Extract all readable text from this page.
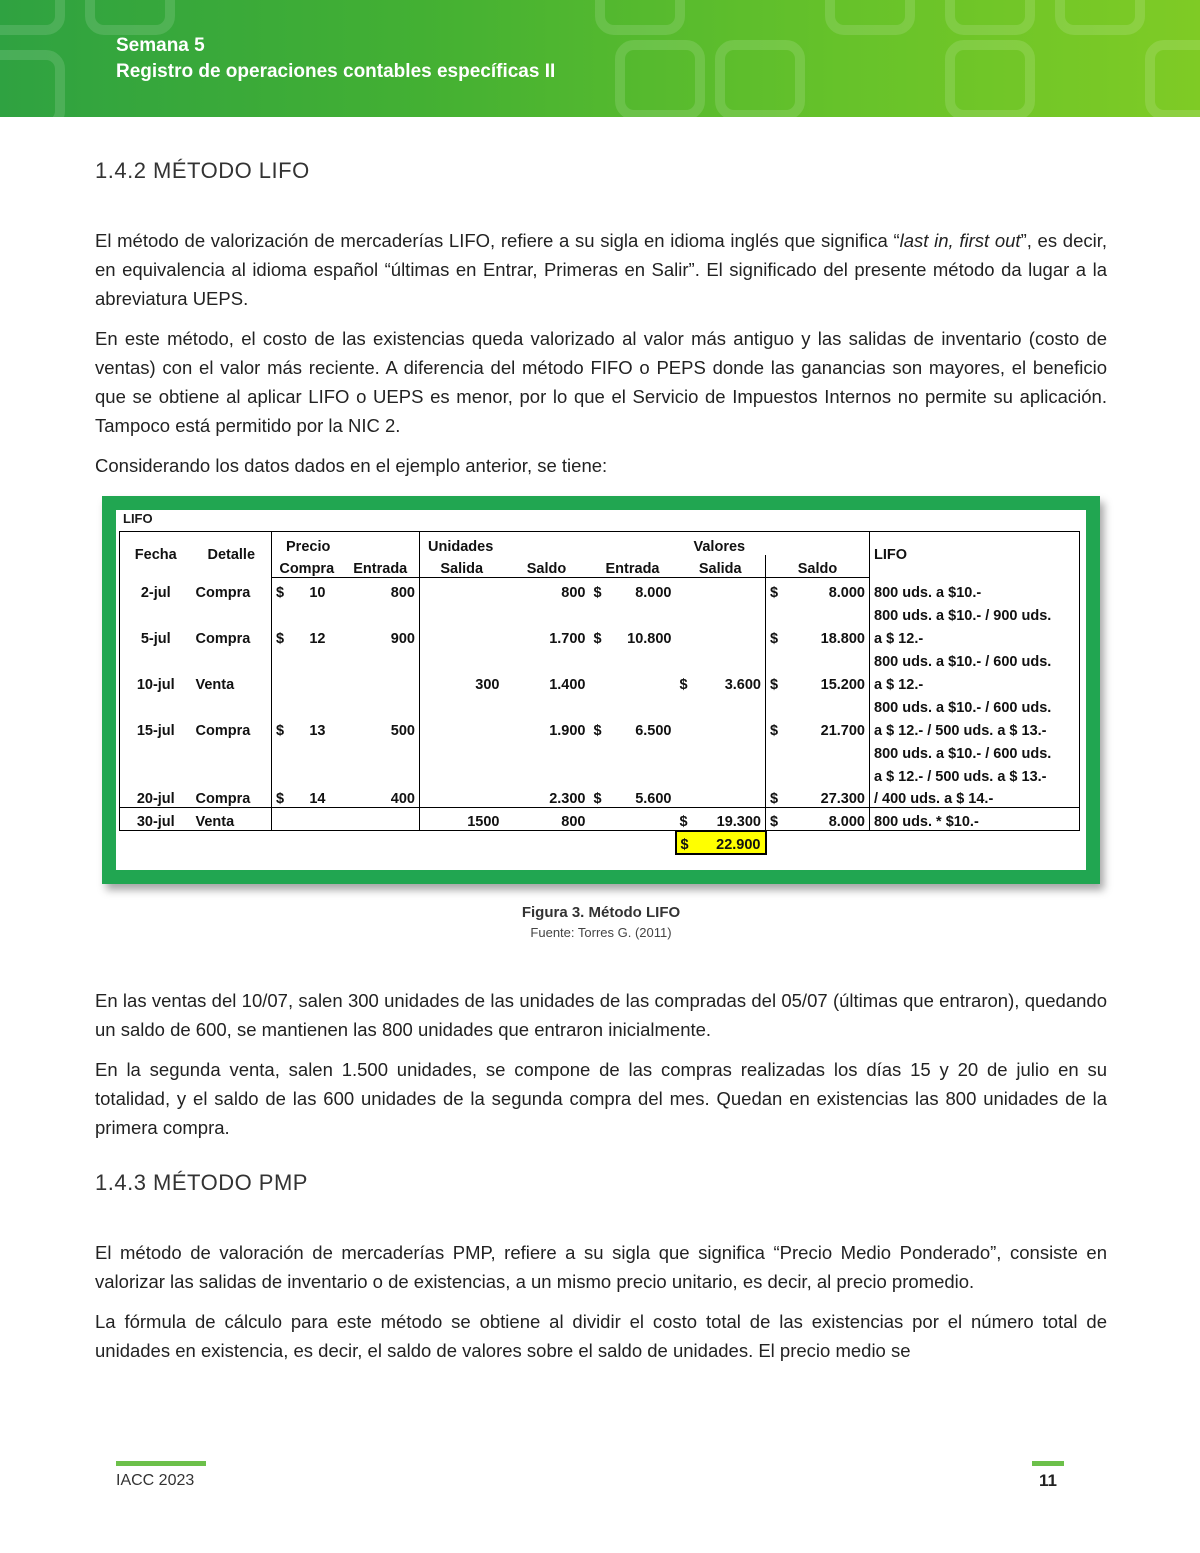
Semana 5
Registro de operaciones contables específicas II
1.4.2 MÉTODO LIFO

El método de valorización de mercaderías LIFO, refiere a su sigla en idioma inglés que significa “last in, first out”, es decir, en equivalencia al idioma español “últimas en Entrar, Primeras en Salir”. El significado del presente método da lugar a la abreviatura UEPS.

En este método, el costo de las existencias queda valorizado al valor más antiguo y las salidas de inventario (costo de ventas) con el valor más reciente. A diferencia del método FIFO o PEPS donde las ganancias son mayores, el beneficio que se obtiene al aplicar LIFO o UEPS es menor, por lo que el Servicio de Impuestos Internos no permite su aplicación. Tampoco está permitido por la NIC 2.

Considerando los datos dados en el ejemplo anterior, se tiene:

LIFO
Fecha	Detalle	Precio		Unidades			Valores		LIFO
		Compra	Entrada	Salida	Saldo	Entrada	Salida	Saldo	
2-jul	Compra	$ 10	800		800	$ 8.000		$ 8.000	800 uds. a $10.-
									800 uds. a $10.- / 900 uds.
5-jul	Compra	$ 12	900		1.700	$ 10.800		$ 18.800	a $ 12.-
									800 uds. a $10.- / 600 uds.
10-jul	Venta			300	1.400		$ 3.600	$ 15.200	a $ 12.-
									800 uds. a $10.- / 600 uds.
15-jul	Compra	$ 13	500		1.900	$ 6.500		$ 21.700	a $ 12.- / 500 uds. a $ 13.-
									800 uds. a $10.- / 600 uds.
									a $ 12.- / 500 uds. a $ 13.-
20-jul	Compra	$ 14	400		2.300	$ 5.600		$ 27.300	/ 400 uds. a $ 14.-
30-jul	Venta			1500	800		$ 19.300	$ 8.000	800 uds. * $10.-

							$ 22.900		

Figura 3. Método LIFO
Fuente: Torres G. (2011)

En las ventas del 10/07, salen 300 unidades de las unidades de las compradas del 05/07 (últimas que entraron), quedando un saldo de 600, se mantienen las 800 unidades que entraron inicialmente.

En la segunda venta, salen 1.500 unidades, se compone de las compras realizadas los días 15 y 20 de julio en su totalidad, y el saldo de las 600 unidades de la segunda compra del mes. Quedan en existencias las 800 unidades de la primera compra.

1.4.3 MÉTODO PMP

El método de valoración de mercaderías PMP, refiere a su sigla que significa “Precio Medio Ponderado”, consiste en valorizar las salidas de inventario o de existencias, a un mismo precio unitario, es decir, al precio promedio.

La fórmula de cálculo para este método se obtiene al dividir el costo total de las existencias por el número total de unidades en existencia, es decir, el saldo de valores sobre el saldo de unidades. El precio medio se

IACC 2023	11
